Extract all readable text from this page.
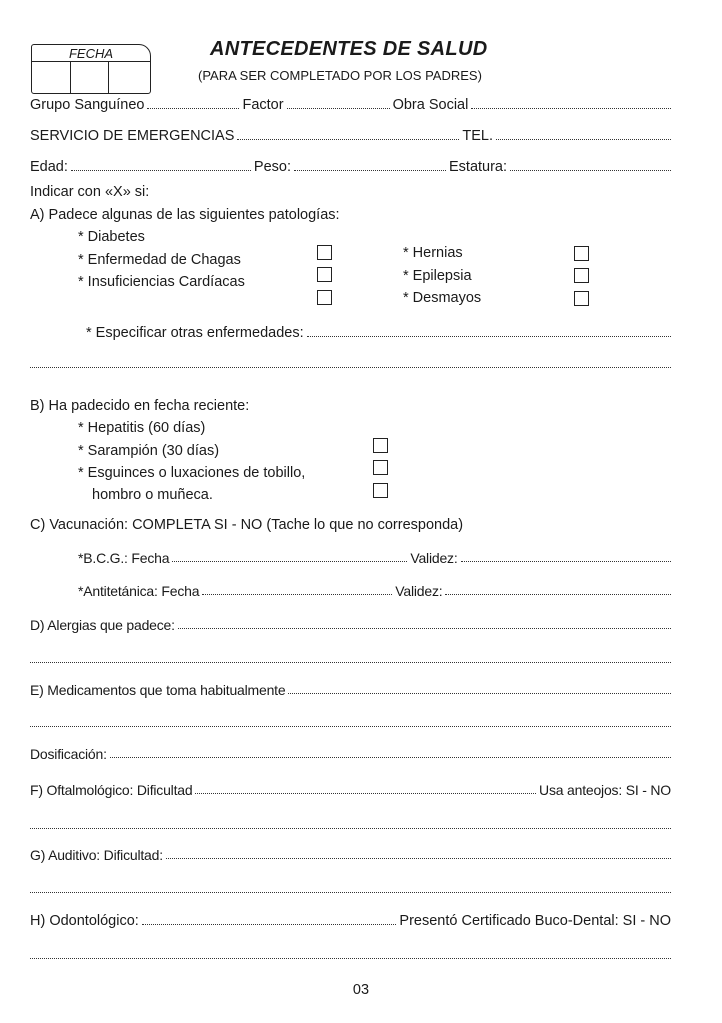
FECHA	ANTECEDENTES DE SALUD
(PARA SER COMPLETADO POR LOS PADRES)
Grupo Sanguíneo	Factor	Obra Social
SERVICIO DE EMERGENCIAS	TEL.
Edad:	Peso:	Estatura:
Indicar con «X» si:
A) Padece algunas de las siguientes patologías:
* Diabetes
* Enfermedad de Chagas
* Insuficiencias Cardíacas
* Hernias
* Epilepsia
* Desmayos
* Especificar otras enfermedades:
B) Ha padecido en fecha reciente:
* Hepatitis (60 días)
* Sarampión (30 días)
* Esguinces o luxaciones de tobillo,
hombro o muñeca.
C) Vacunación: COMPLETA SI - NO (Tache lo que no corresponda)
*B.C.G.: Fecha	Validez:
*Antitetánica: Fecha	Validez:
D) Alergias que padece:
E) Medicamentos que toma habitualmente
Dosificación:
F) Oftalmológico: Dificultad	Usa anteojos: SI - NO
G) Auditivo: Dificultad:
H) Odontológico:	Presentó Certificado Buco-Dental: SI - NO
03
